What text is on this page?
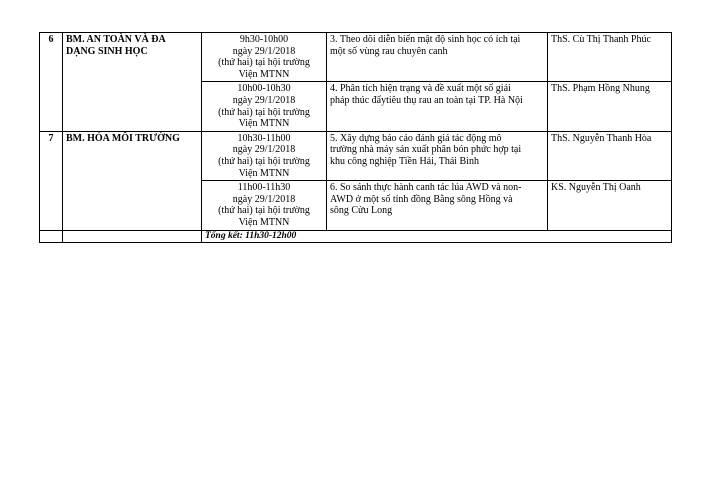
6	BM. AN TOÀN VÀ ĐA
DẠNG SINH HỌC	9h30-10h00
ngày 29/1/2018
(thứ hai) tại hội trường
Viện MTNN	3. Theo dõi diễn biến mật độ sinh học có ích tại
một số vùng rau chuyên canh	ThS. Cù Thị Thanh Phúc

		10h00-10h30
ngày 29/1/2018
(thứ hai) tại hội trường
Viện MTNN	4. Phân tích hiện trạng và đề xuất một số giải
pháp thúc đẩytiêu thụ rau an toàn tại TP. Hà Nội	ThS. Phạm Hồng Nhung
7	BM. HÓA MÔI TRƯỜNG	10h30-11h00
ngày 29/1/2018
(thứ hai) tại hội trường
Viện MTNN	5. Xây dựng báo cáo đánh giá tác động mô
trường nhà máy sản xuất phân bón phức hợp tại
khu công nghiệp Tiền Hải, Thái Bình	ThS. Nguyễn Thanh Hòa

		11h00-11h30
ngày 29/1/2018
(thứ hai) tại hội trường
Viện MTNN	6. So sánh thực hành canh tác lúa AWD và non-
AWD ở một số tỉnh đồng Bằng sông Hồng và
sông Cửu Long	KS. Nguyễn Thị Oanh
		Tổng kết: 11h30-12h00		
